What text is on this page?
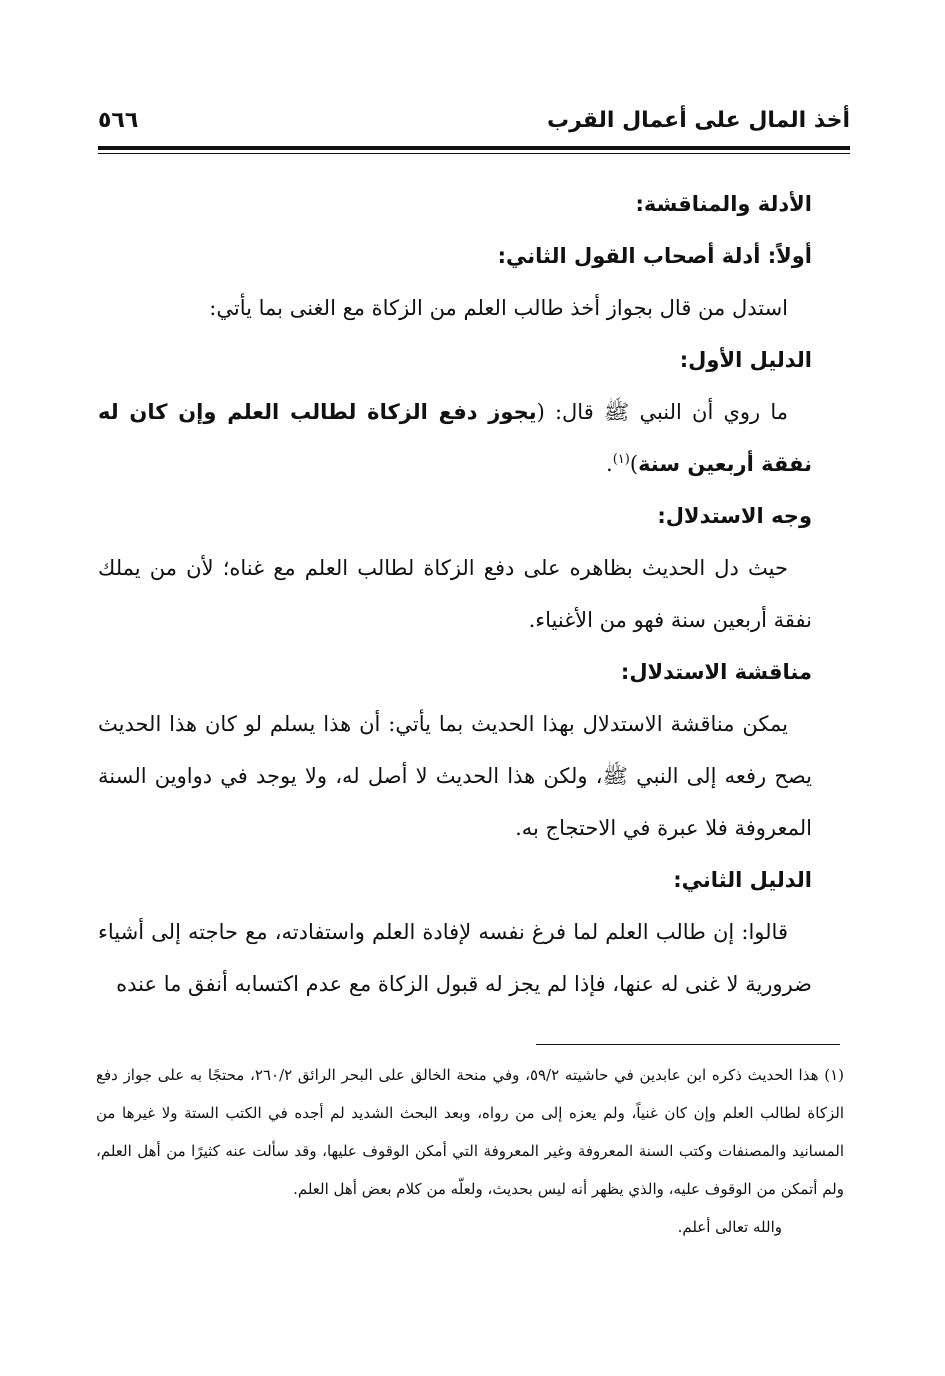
أخذ المال على أعمال القرب
٥٦٦

الأدلة والمناقشة:

أولاً: أدلة أصحاب القول الثاني:

استدل من قال بجواز أخذ طالب العلم من الزكاة مع الغنى بما يأتي:

الدليل الأول:

ما روي أن النبي ﷺ قال: (يجوز دفع الزكاة لطالب العلم وإن كان له نفقة أربعين سنة)$^{(١)}$.

وجه الاستدلال:

حيث دل الحديث بظاهره على دفع الزكاة لطالب العلم مع غناه؛ لأن من يملك نفقة أربعين سنة فهو من الأغنياء.

مناقشة الاستدلال:

يمكن مناقشة الاستدلال بهذا الحديث بما يأتي: أن هذا يسلم لو كان هذا الحديث يصح رفعه إلى النبي ﷺ، ولكن هذا الحديث لا أصل له، ولا يوجد في دواوين السنة المعروفة فلا عبرة في الاحتجاج به.

الدليل الثاني:

قالوا: إن طالب العلم لما فرغ نفسه لإفادة العلم واستفادته، مع حاجته إلى أشياء ضرورية لا غنى له عنها، فإذا لم يجز له قبول الزكاة مع عدم اكتسابه أنفق ما عنده

(١) هذا الحديث ذكره ابن عابدين في حاشيته ٥٩/٢، وفي منحة الخالق على البحر الرائق ٢٦٠/٢، محتجًا به على جواز دفع الزكاة لطالب العلم وإن كان غنياً، ولم يعزه إلى من رواه، وبعد البحث الشديد لم أجده في الكتب الستة ولا غيرها من المسانيد والمصنفات وكتب السنة المعروفة وغير المعروفة التي أمكن الوقوف عليها، وقد سألت عنه كثيرًا من أهل العلم، ولم أتمكن من الوقوف عليه، والذي يظهر أنه ليس بحديث، ولعلّه من كلام بعض أهل العلم.

والله تعالى أعلم.
